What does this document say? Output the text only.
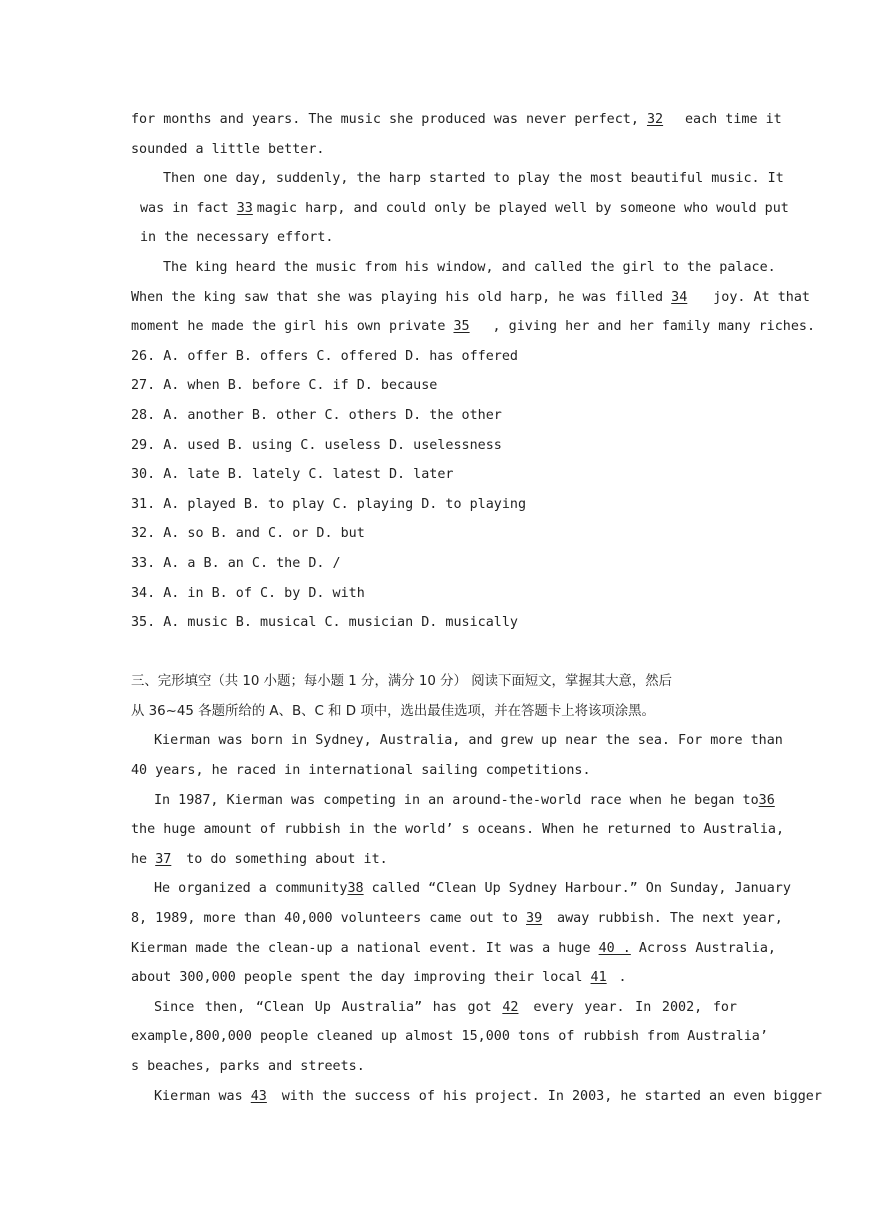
for months and years. The music she produced was never perfect, 32 each time it
sounded a little better.
Then one day, suddenly, the harp started to play the most beautiful music. It
was in fact 33 magic harp, and could only be played well by someone who would put
in the necessary effort.
The king heard the music from his window, and called the girl to the palace.
When the king saw that she was playing his old harp, he was filled 34 joy. At that
moment he made the girl his own private 35 , giving her and her family many riches.
26. A. offer B. offers C. offered D. has offered
27. A. when B. before C. if D. because
28. A. another B. other C. others D. the other
29. A. used B. using C. useless D. uselessness
30. A. late B. lately C. latest D. later
31. A. played B. to play C. playing D. to playing
32. A. so B. and C. or D. but
33. A. a B. an C. the D. /
34. A. in B. of C. by D. with
35. A. music B. musical C. musician D. musically
三、完形填空（共 10 小题；每小题 1 分，满分 10 分） 阅读下面短文，掌握其大意，然后
从 36~45 各题所给的 A、B、C 和 D 项中，选出最佳选项，并在答题卡上将该项涂黑。
Kierman was born in Sydney, Australia, and grew up near the sea. For more than
40 years, he raced in international sailing competitions.
In 1987, Kierman was competing in an around-the-world race when he began to36
the huge amount of rubbish in the world’ s oceans. When he returned to Australia,
he 37 to do something about it.
He organized a community38 called “Clean Up Sydney Harbour.” On Sunday, January
8, 1989, more than 40,000 volunteers came out to 39 away rubbish. The next year,
Kierman made the clean-up a national event. It was a huge 40 . Across Australia,
about 300,000 people spent the day improving their local 41 .
Since then, “Clean Up Australia” has got 42 every year. In 2002, for
example,800,000 people cleaned up almost 15,000 tons of rubbish from Australia’
s beaches, parks and streets.
Kierman was 43 with the success of his project. In 2003, he started an even bigger
